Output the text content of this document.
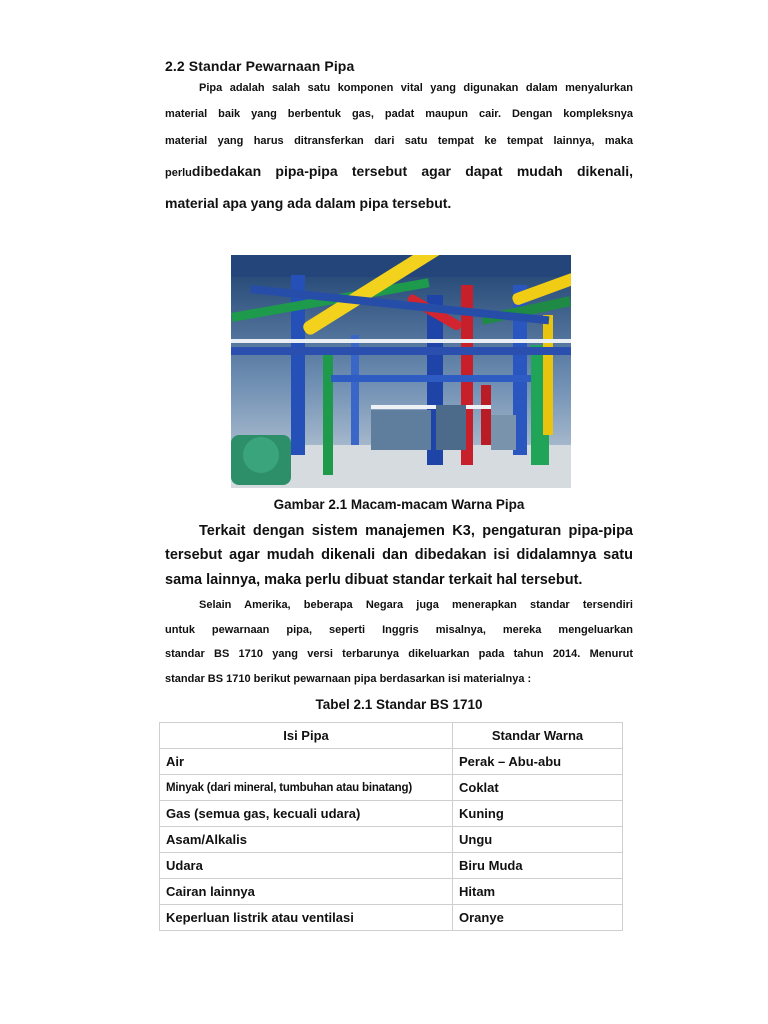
2.2 Standar Pewarnaan Pipa

Pipa adalah salah satu komponen vital yang digunakan dalam menyalurkan

material baik yang berbentuk gas, padat maupun cair. Dengan kompleksnya

material yang harus ditransferkan dari satu tempat ke tempat lainnya, maka

perludibedakan pipa-pipa tersebut agar dapat mudah dikenali,

material apa yang ada dalam pipa tersebut.

Gambar 2.1 Macam-macam Warna Pipa

Terkait dengan sistem manajemen K3, pengaturan pipa-pipa

tersebut agar mudah dikenali dan dibedakan isi didalamnya satu

sama lainnya, maka perlu dibuat standar terkait hal tersebut.

Selain Amerika, beberapa Negara juga menerapkan standar tersendiri

untuk pewarnaan pipa, seperti Inggris misalnya, mereka mengeluarkan

standar BS 1710 yang versi terbarunya dikeluarkan pada tahun 2014. Menurut

standar BS 1710 berikut pewarnaan pipa berdasarkan isi materialnya :

Tabel 2.1 Standar BS 1710
Isi Pipa	Standar Warna
Air	Perak – Abu-abu
Minyak (dari mineral, tumbuhan atau binatang)	Coklat
Gas (semua gas, kecuali udara)	Kuning
Asam/Alkalis	Ungu
Udara	Biru Muda
Cairan lainnya	Hitam
Keperluan listrik atau ventilasi	Oranye
